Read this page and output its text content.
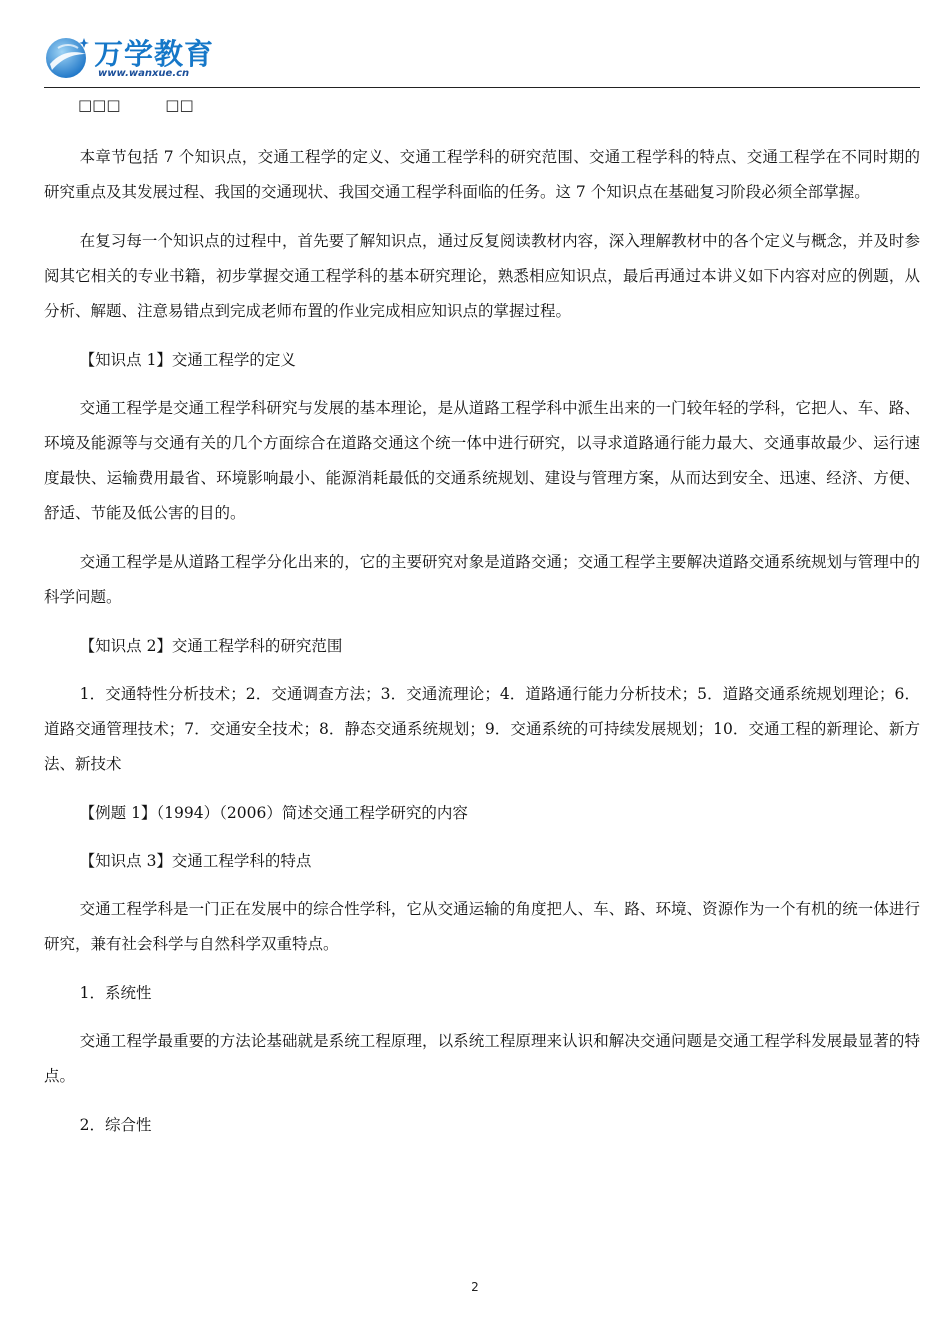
万学教育
www.wanxue.cn
□□□ □□

本章节包括 7 个知识点，交通工程学的定义、交通工程学科的研究范围、交通工程学科的特点、交通工程学在不同时期的研究重点及其发展过程、我国的交通现状、我国交通工程学科面临的任务。这 7 个知识点在基础复习阶段必须全部掌握。

在复习每一个知识点的过程中，首先要了解知识点，通过反复阅读教材内容，深入理解教材中的各个定义与概念，并及时参阅其它相关的专业书籍，初步掌握交通工程学科的基本研究理论，熟悉相应知识点，最后再通过本讲义如下内容对应的例题，从分析、解题、注意易错点到完成老师布置的作业完成相应知识点的掌握过程。

【知识点 1】交通工程学的定义

交通工程学是交通工程学科研究与发展的基本理论，是从道路工程学科中派生出来的一门较年轻的学科，它把人、车、路、环境及能源等与交通有关的几个方面综合在道路交通这个统一体中进行研究，以寻求道路通行能力最大、交通事故最少、运行速度最快、运输费用最省、环境影响最小、能源消耗最低的交通系统规划、建设与管理方案，从而达到安全、迅速、经济、方便、舒适、节能及低公害的目的。

交通工程学是从道路工程学分化出来的，它的主要研究对象是道路交通；交通工程学主要解决道路交通系统规划与管理中的科学问题。

【知识点 2】交通工程学科的研究范围

1．交通特性分析技术；2．交通调查方法；3．交通流理论；4．道路通行能力分析技术；5．道路交通系统规划理论；6．道路交通管理技术；7．交通安全技术；8．静态交通系统规划；9．交通系统的可持续发展规划；10．交通工程的新理论、新方法、新技术

【例题 1】（1994）（2006）简述交通工程学研究的内容

【知识点 3】交通工程学科的特点

交通工程学科是一门正在发展中的综合性学科，它从交通运输的角度把人、车、路、环境、资源作为一个有机的统一体进行研究，兼有社会科学与自然科学双重特点。

1．系统性

交通工程学最重要的方法论基础就是系统工程原理，以系统工程原理来认识和解决交通问题是交通工程学科发展最显著的特点。

2．综合性

2
